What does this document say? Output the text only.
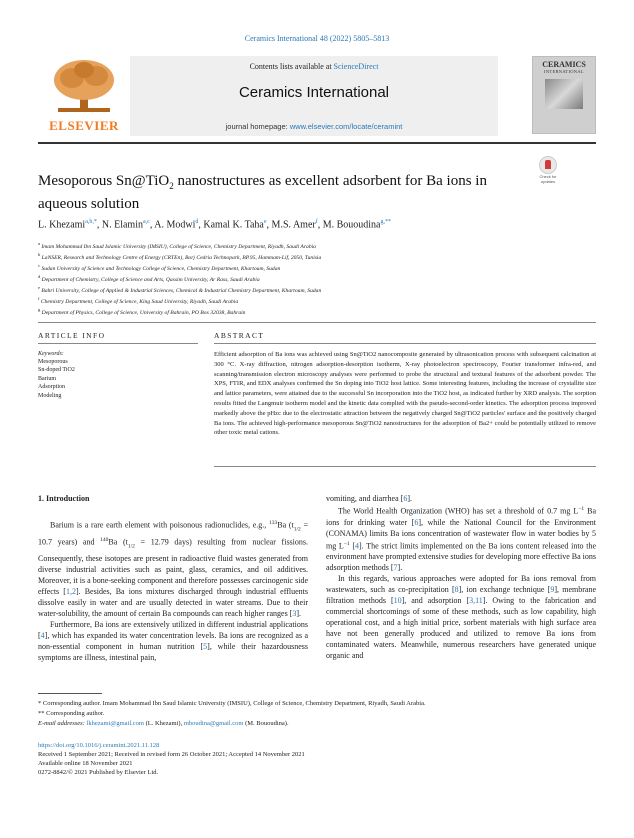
Ceramics International 48 (2022) 5805–5813
ELSEVIER
Contents lists available at ScienceDirect
Ceramics International
journal homepage: www.elsevier.com/locate/ceramint
CERAMICS
INTERNATIONAL
Mesoporous Sn@TiO$_2$ nanostructures as excellent adsorbent for Ba ions in aqueous solution
Check for
updates
L. Khezami$^{a,b,*}$, N. Elamin$^{a,c}$, A. Modwi$^d$, Kamal K. Taha$^e$, M.S. Amer$^f$, M. Bououdina$^{g,**}$
$^a$ Imam Mohammad Ibn Saud Islamic University (IMSIU), College of Science, Chemistry Department, Riyadh, Saudi Arabia
$^b$ LaNSER, Research and Technology Centre of Energy (CRTEn), Borj Cedria Technopark, BP.95, Hammam-Lif, 2050, Tunisia
$^c$ Sudan University of Science and Technology College of Science, Chemistry Department, Khartoum, Sudan
$^d$ Department of Chemistry, College of Science and Arts, Qassim University, Ar Rass, Saudi Arabia
$^e$ Bahri University, College of Applied & Industrial Sciences, Chemical & Industrial Chemistry Department, Khartoum, Sudan
$^f$ Chemistry Department, College of Science, King Saud University, Riyadh, Saudi Arabia
$^g$ Department of Physics, College of Science, University of Bahrain, PO Box 32038, Bahrain
ARTICLE INFO	ABSTRACT
Keywords:
Mesoporous
Sn-doped TiO2
Barium
Adsorption
Modeling
Efficient adsorption of Ba ions was achieved using Sn@TiO2 nanocomposite generated by ultrasonication process with subsequent calcination at 300 °C. X-ray diffraction, nitrogen adsorption-desorption isotherm, X-ray photoelectron spectroscopy, Fourier transformer infra-red, and scanning/transmission electron microscopy analyses were performed to probe the structural and textural features of the adsorbent powder. The XPS, FTIR, and EDX analyses confirmed the Sn doping into TiO2 host lattice. Some interesting features, including the increase of crystallite size and lattice parameters, were attained due to the successful Sn incorporation into the TiO2 host, as indicated further by XRD analysis. The sorption results fitted the Langmuir isotherm model and the kinetic data complied with the pseudo-second-order kinetics. The adsorption process improved markedly above the pHzc due to the electrostatic attraction between the negatively charged Sn@TiO2 particles' surface and the positively charged Ba ions. The achieved high-performance mesoporous Sn@TiO2 nanostructures for the adsorption of Ba2+ could be potentially utilized to remove other toxic metal cations.
1. Introduction
Barium is a rare earth element with poisonous radionuclides, e.g., $^{133}$Ba ($t_{1/2} = 10.7$ years) and $^{140}$Ba ($t_{1/2} = 12.79$ days) resulting from nuclear fissions. Consequently, these isotopes are present in radioactive fluid wastes generated from diverse industrial activities such as paint, glass, ceramics, and oil additives. Moreover, it is a bone-seeking component and therefore possesses carcinogenic side effects [1,2]. Besides, Ba ions mixtures discharged through industrial effluents dissolve easily in water and are usually detected in water streams. Due to their water-solubility, the amount of certain Ba compounds can reach higher ranges [3].
Furthermore, Ba ions are extensively utilized in different industrial applications [4], which has expanded its water concentration levels. Ba ions are recognized as a non-essential component in human nutrition [5], while their hazardousness symptoms are illness, intestinal pain,
vomiting, and diarrhea [6].
The World Health Organization (WHO) has set a threshold of 0.7 mg $L^{-1}$ Ba ions for drinking water [6], while the National Council for the Environment (CONAMA) limits Ba ions concentration of wastewater flow in water bodies by 5 mg $L^{-1}$ [4]. The strict limits implemented on the Ba ions content released into the environment have prompted extensive studies for developing more effective Ba ions adsorption methods [7].
In this regards, various approaches were adopted for Ba ions removal from wastewaters, such as co-precipitation [8], ion exchange technique [9], membrane filtration methods [10], and adsorption [3,11]. Owing to the fabrication and commercial shortcomings of some of these methods, such as low capability, high operational cost, and a high initial price, sorbent materials with high surface area have not been generally produced and utilized to remove Ba ions from contaminated waters. Meanwhile, numerous researchers have generated unique organic and
* Corresponding author. Imam Mohammad Ibn Saud Islamic University (IMSIU), College of Science, Chemistry Department, Riyadh, Saudi Arabia.
** Corresponding author.
E-mail addresses: lkhezami@gmail.com (L. Khezami), mboudina@gmail.com (M. Bououdina).
https://doi.org/10.1016/j.ceramint.2021.11.128
Received 1 September 2021; Received in revised form 26 October 2021; Accepted 14 November 2021
Available online 18 November 2021
0272-8842/© 2021 Published by Elsevier Ltd.
